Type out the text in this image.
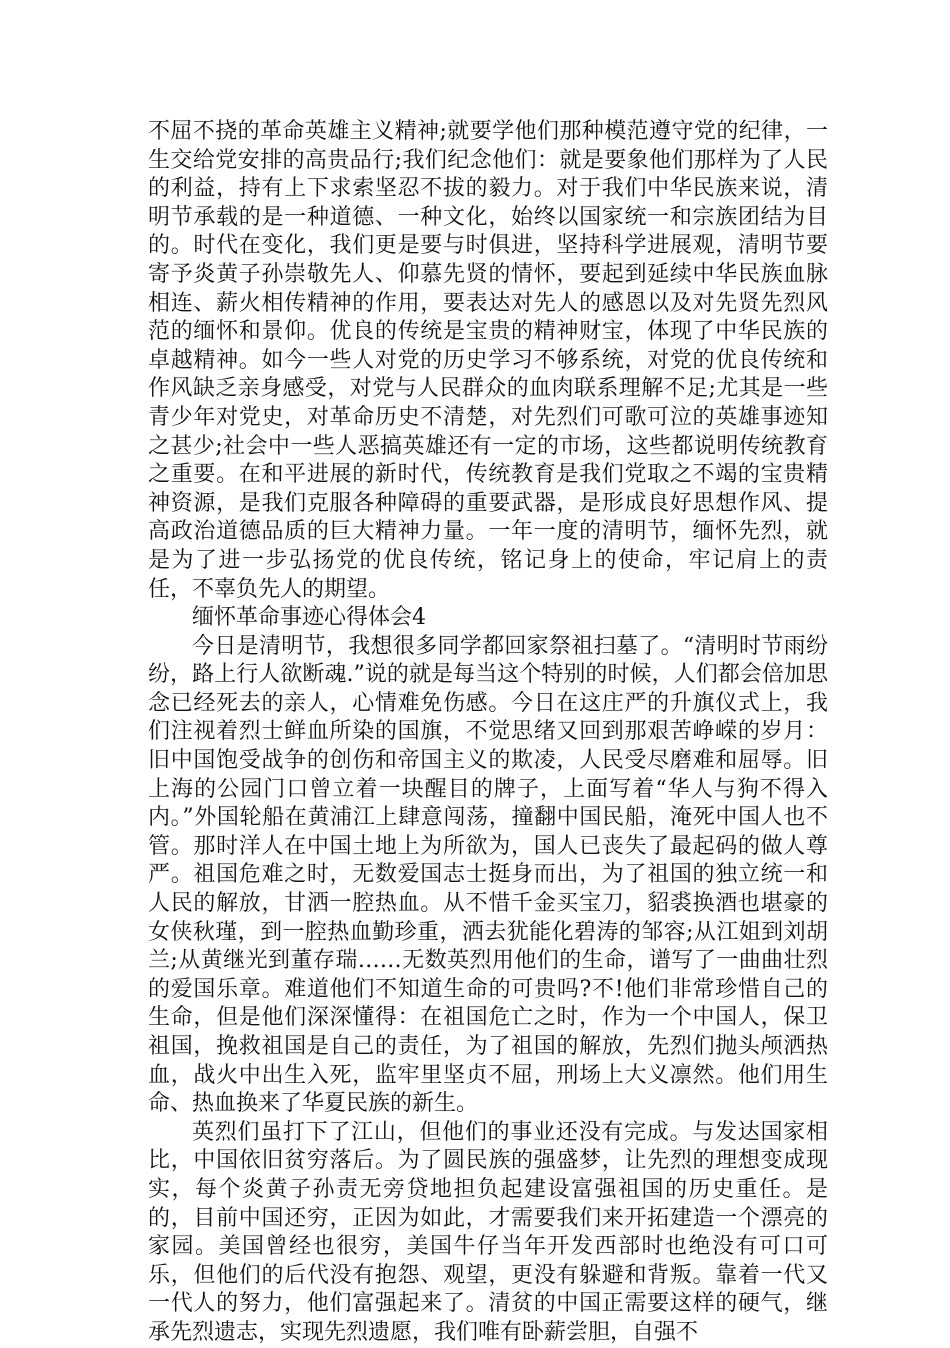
不屈不挠的革命英雄主义精神;就要学他们那种模范遵守党的纪律，一生交给党安排的高贵品行;我们纪念他们：就是要象他们那样为了人民的利益，持有上下求索坚忍不拔的毅力。对于我们中华民族来说，清明节承载的是一种道德、一种文化，始终以国家统一和宗族团结为目的。时代在变化，我们更是要与时俱进，坚持科学进展观，清明节要寄予炎黄子孙崇敬先人、仰慕先贤的情怀，要起到延续中华民族血脉相连、薪火相传精神的作用，要表达对先人的感恩以及对先贤先烈风范的缅怀和景仰。优良的传统是宝贵的精神财宝，体现了中华民族的卓越精神。如今一些人对党的历史学习不够系统，对党的优良传统和作风缺乏亲身感受，对党与人民群众的血肉联系理解不足;尤其是一些青少年对党史，对革命历史不清楚，对先烈们可歌可泣的英雄事迹知之甚少;社会中一些人恶搞英雄还有一定的市场，这些都说明传统教育之重要。在和平进展的新时代，传统教育是我们党取之不竭的宝贵精神资源，是我们克服各种障碍的重要武器，是形成良好思想作风、提高政治道德品质的巨大精神力量。一年一度的清明节，缅怀先烈，就是为了进一步弘扬党的优良传统，铭记身上的使命，牢记肩上的责任，不辜负先人的期望。

缅怀革命事迹心得体会4

今日是清明节，我想很多同学都回家祭祖扫墓了。“清明时节雨纷纷，路上行人欲断魂.”说的就是每当这个特别的时候，人们都会倍加思念已经死去的亲人，心情难免伤感。今日在这庄严的升旗仪式上，我们注视着烈士鲜血所染的国旗，不觉思绪又回到那艰苦峥嵘的岁月：旧中国饱受战争的创伤和帝国主义的欺凌，人民受尽磨难和屈辱。旧上海的公园门口曾立着一块醒目的牌子，上面写着“华人与狗不得入内。”外国轮船在黄浦江上肆意闯荡，撞翻中国民船，淹死中国人也不管。那时洋人在中国土地上为所欲为，国人已丧失了最起码的做人尊严。祖国危难之时，无数爱国志士挺身而出，为了祖国的独立统一和人民的解放，甘洒一腔热血。从不惜千金买宝刀，貂裘换酒也堪豪的女侠秋瑾，到一腔热血勤珍重，洒去犹能化碧涛的邹容;从江姐到刘胡兰;从黄继光到董存瑞……无数英烈用他们的生命，谱写了一曲曲壮烈的爱国乐章。难道他们不知道生命的可贵吗?不!他们非常珍惜自己的生命，但是他们深深懂得：在祖国危亡之时，作为一个中国人，保卫祖国，挽救祖国是自己的责任，为了祖国的解放，先烈们抛头颅洒热血，战火中出生入死，监牢里坚贞不屈，刑场上大义凛然。他们用生命、热血换来了华夏民族的新生。

英烈们虽打下了江山，但他们的事业还没有完成。与发达国家相比，中国依旧贫穷落后。为了圆民族的强盛梦，让先烈的理想变成现实，每个炎黄子孙责无旁贷地担负起建设富强祖国的历史重任。是的，目前中国还穷，正因为如此，才需要我们来开拓建造一个漂亮的家园。美国曾经也很穷，美国牛仔当年开发西部时也绝没有可口可乐，但他们的后代没有抱怨、观望，更没有躲避和背叛。靠着一代又一代人的努力，他们富强起来了。清贫的中国正需要这样的硬气，继承先烈遗志，实现先烈遗愿，我们唯有卧薪尝胆，自强不
